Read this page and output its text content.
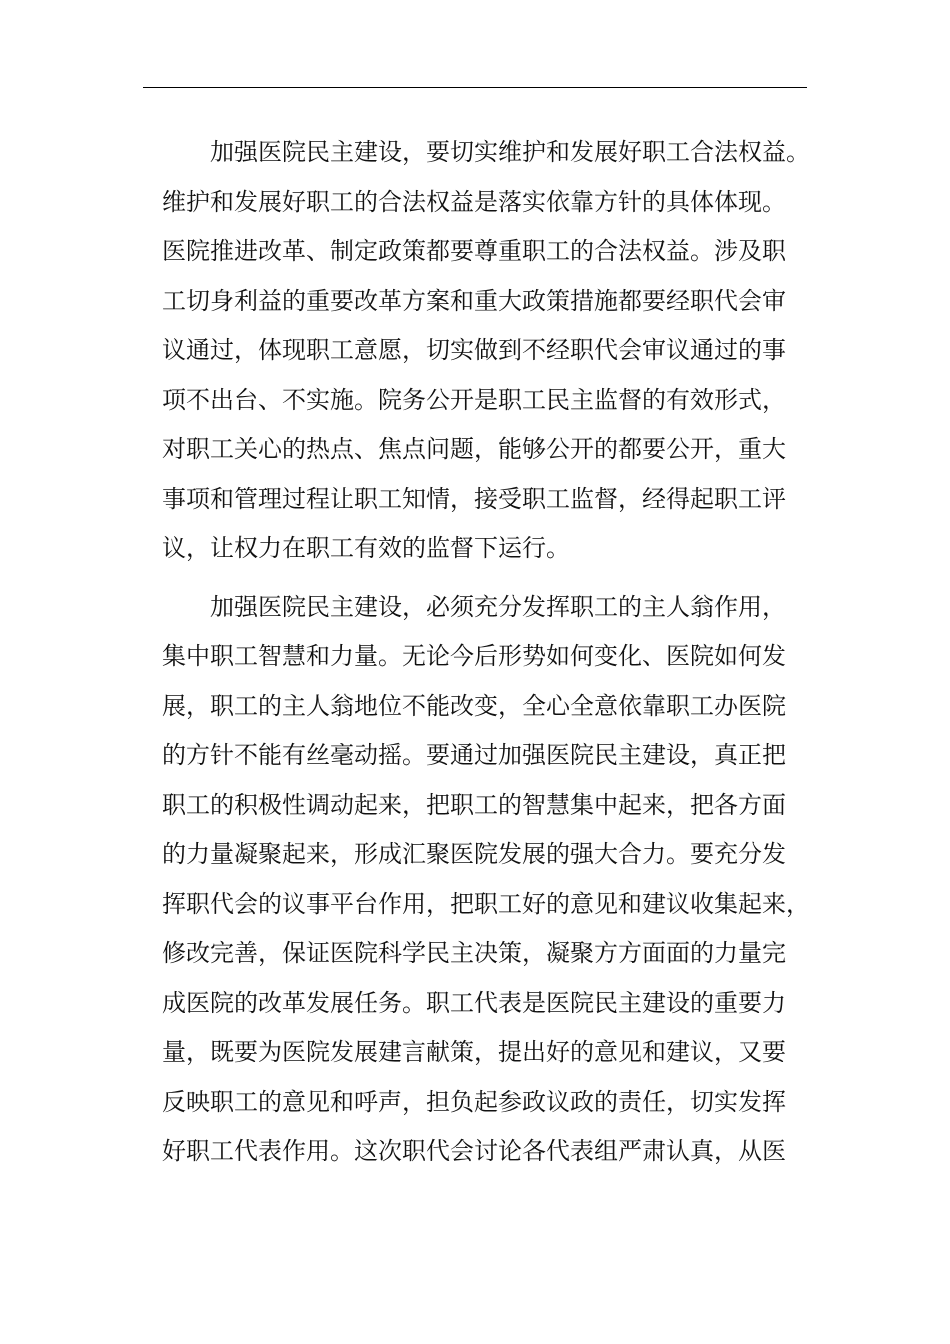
加强医院民主建设，要切实维护和发展好职工合法权益。
维护和发展好职工的合法权益是落实依靠方针的具体体现。
医院推进改革、制定政策都要尊重职工的合法权益。涉及职
工切身利益的重要改革方案和重大政策措施都要经职代会审
议通过，体现职工意愿，切实做到不经职代会审议通过的事
项不出台、不实施。院务公开是职工民主监督的有效形式，
对职工关心的热点、焦点问题，能够公开的都要公开，重大
事项和管理过程让职工知情，接受职工监督，经得起职工评
议，让权力在职工有效的监督下运行。

加强医院民主建设，必须充分发挥职工的主人翁作用，
集中职工智慧和力量。无论今后形势如何变化、医院如何发
展，职工的主人翁地位不能改变，全心全意依靠职工办医院
的方针不能有丝毫动摇。要通过加强医院民主建设，真正把
职工的积极性调动起来，把职工的智慧集中起来，把各方面
的力量凝聚起来，形成汇聚医院发展的强大合力。要充分发
挥职代会的议事平台作用，把职工好的意见和建议收集起来，
修改完善，保证医院科学民主决策，凝聚方方面面的力量完
成医院的改革发展任务。职工代表是医院民主建设的重要力
量，既要为医院发展建言献策，提出好的意见和建议，又要
反映职工的意见和呼声，担负起参政议政的责任，切实发挥
好职工代表作用。这次职代会讨论各代表组严肃认真，从医
